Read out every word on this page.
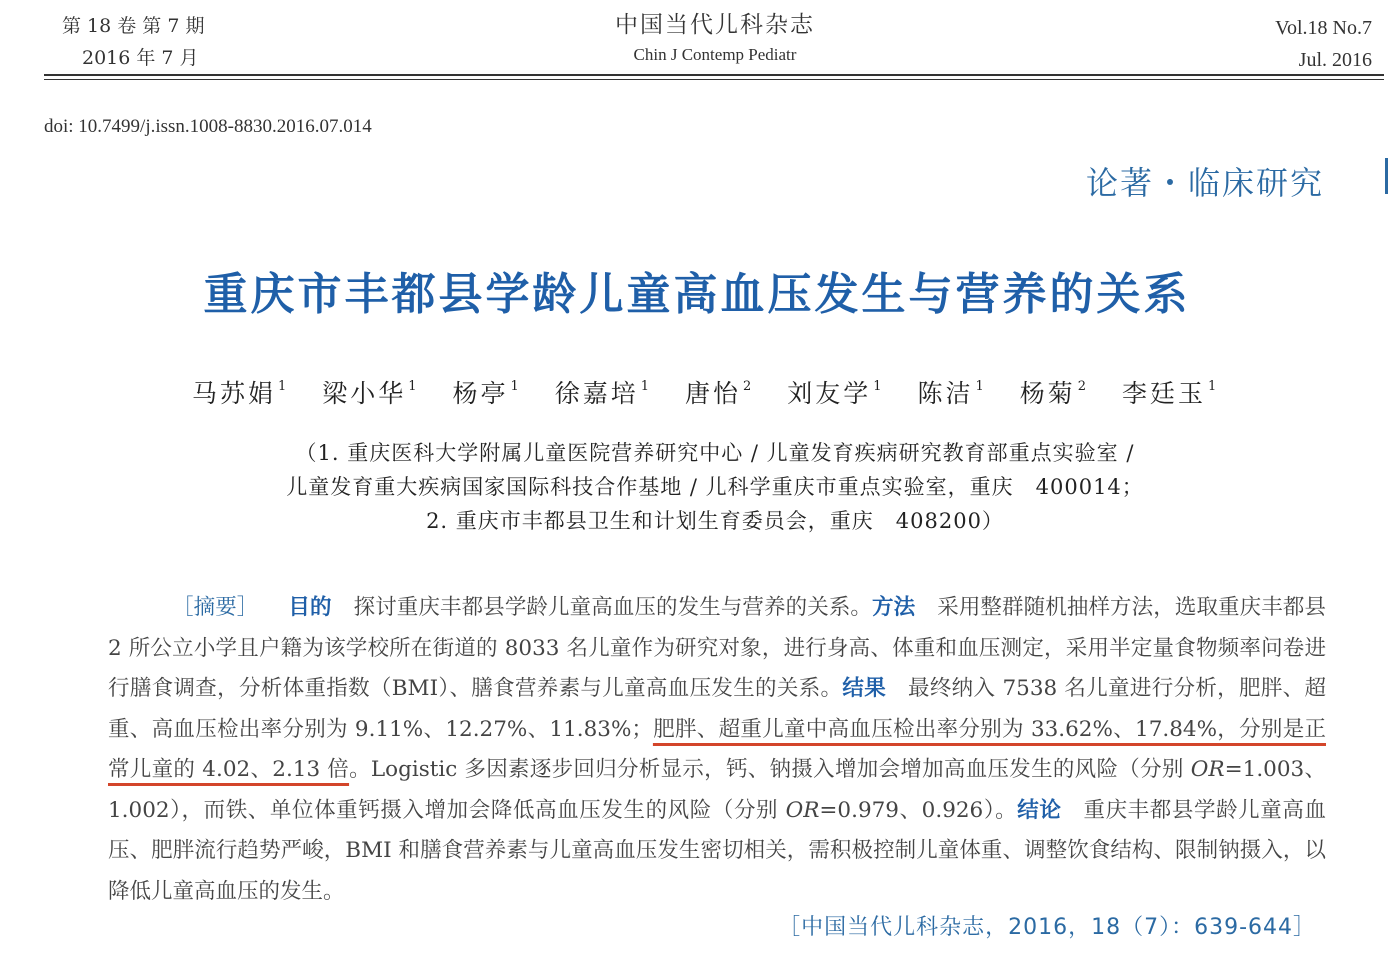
第 18 卷 第 7 期
2016 年 7 月
中国当代儿科杂志
Chin J Contemp Pediatr
Vol.18 No.7
Jul. 2016
doi: 10.7499/j.issn.1008-8830.2016.07.014
论著・临床研究
重庆市丰都县学龄儿童高血压发生与营养的关系
马苏娟 $^1$ 梁小华 $^1$ 杨亭 $^1$ 徐嘉培 $^1$ 唐怡 $^2$ 刘友学 $^1$ 陈洁 $^1$ 杨菊 $^2$ 李廷玉 $^1$
（1. 重庆医科大学附属儿童医院营养研究中心 / 儿童发育疾病研究教育部重点实验室 /
儿童发育重大疾病国家国际科技合作基地 / 儿科学重庆市重点实验室，重庆　400014；
2. 重庆市丰都县卫生和计划生育委员会，重庆　408200）
［摘要］ 目的 探讨重庆丰都县学龄儿童高血压的发生与营养的关系。方法 采用整群随机抽样方法，选取重庆丰都县 2 所公立小学且户籍为该学校所在街道的 8033 名儿童作为研究对象，进行身高、体重和血压测定，采用半定量食物频率问卷进行膳食调查，分析体重指数（BMI）、膳食营养素与儿童高血压发生的关系。结果 最终纳入 7538 名儿童进行分析，肥胖、超重、高血压检出率分别为 9.11%、12.27%、11.83%；肥胖、超重儿童中高血压检出率分别为 33.62%、17.84%，分别是正常儿童的 4.02、2.13 倍。Logistic 多因素逐步回归分析显示，钙、钠摄入增加会增加高血压发生的风险（分别 OR=1.003、1.002），而铁、单位体重钙摄入增加会降低高血压发生的风险（分别 OR=0.979、0.926）。结论 重庆丰都县学龄儿童高血压、肥胖流行趋势严峻，BMI 和膳食营养素与儿童高血压发生密切相关，需积极控制儿童体重、调整饮食结构、限制钠摄入，以降低儿童高血压的发生。
［中国当代儿科杂志，2016，18（7）：639-644］
